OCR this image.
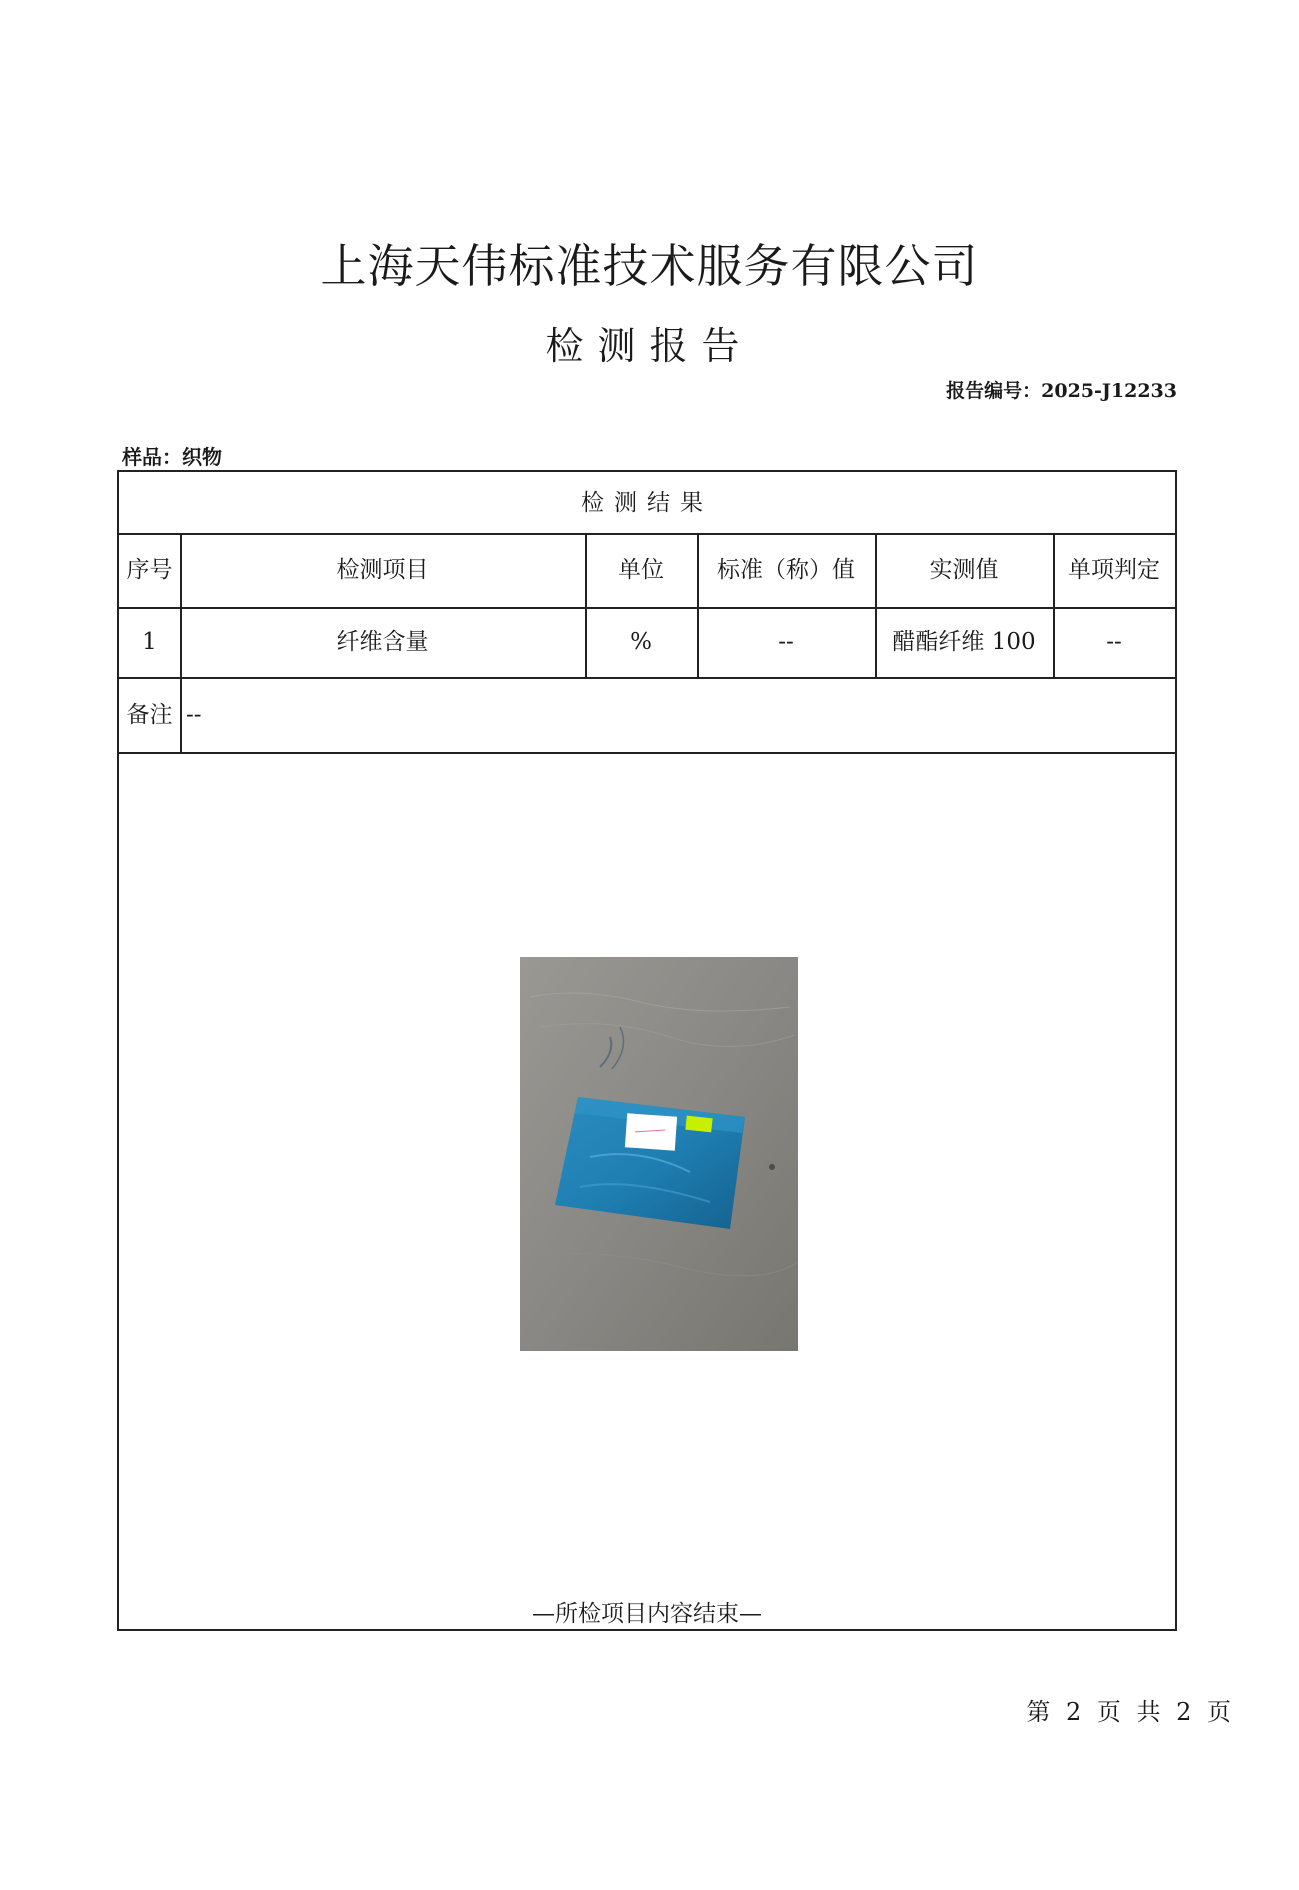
上海天伟标准技术服务有限公司
检测报告
报告编号：2025-J12233
样品：织物
检测结果
序号	检测项目	单位	标准（称）值	实测值	单项判定
1	纤维含量	%	--	醋酯纤维 100	--
备注 --
—所检项目内容结束—
第 2 页 共 2 页
